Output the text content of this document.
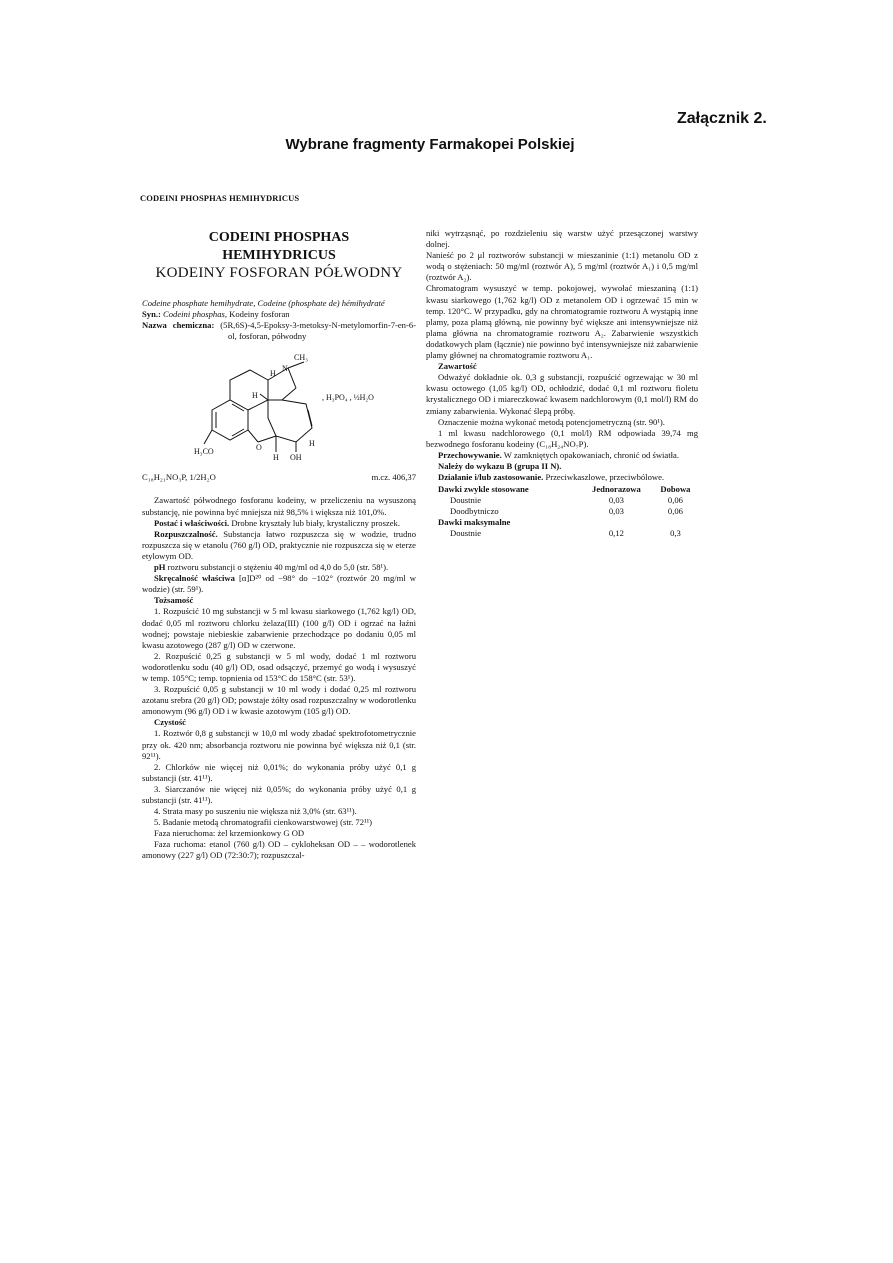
Załącznik 2.
Wybrane fragmenty Farmakopei Polskiej
CODEINI PHOSPHAS HEMIHYDRICUS
CODEINI PHOSPHAS
HEMIHYDRICUS
KODEINY FOSFORAN PÓŁWODNY

Codeine phosphate hemihydrate, Codeine (phosphate de) hémihydraté

Syn.: Codeini phosphas, Kodeiny fosforan

Nazwa chemiczna: (5R,6S)-4,5-Epoksy-3-metoksy-N-metylomorfin-7-en-6-ol, fosforan, półwodny

CH₃
N
H
H
H
O
H OH
H₃CO
, H₃PO₄ , ½H₂O
C₁₈H₂₁NO₃P, 1/2H₂O	m.cz. 406,37

Zawartość półwodnego fosforanu kodeiny, w przeliczeniu na wysuszoną substancję, nie powinna być mniejsza niż 98,5% i większa niż 101,0%.

Postać i właściwości. Drobne kryształy lub biały, krystaliczny proszek.

Rozpuszczalność. Substancja łatwo rozpuszcza się w wodzie, trudno rozpuszcza się w etanolu (760 g/l) OD, praktycznie nie rozpuszcza się w eterze etylowym OD.

pH roztworu substancji o stężeniu 40 mg/ml od 4,0 do 5,0 (str. 58¹).

Skręcalność właściwa [α]D²⁰ od −98° do −102° (roztwór 20 mg/ml w wodzie) (str. 59¹).

Tożsamość

1. Rozpuścić 10 mg substancji w 5 ml kwasu siarkowego (1,762 kg/l) OD, dodać 0,05 ml roztworu chlorku żelaza(III) (100 g/l) OD i ogrzać na łaźni wodnej; powstaje niebieskie zabarwienie przechodzące po dodaniu 0,05 ml kwasu azotowego (287 g/l) OD w czerwone.

2. Rozpuścić 0,25 g substancji w 5 ml wody, dodać 1 ml roztworu wodorotlenku sodu (40 g/l) OD, osad odsączyć, przemyć go wodą i wysuszyć w temp. 105°C; temp. topnienia od 153°C do 158°C (str. 53¹).

3. Rozpuścić 0,05 g substancji w 10 ml wody i dodać 0,25 ml roztworu azotanu srebra (20 g/l) OD; powstaje żółty osad rozpuszczalny w wodorotlenku amonowym (96 g/l) OD i w kwasie azotowym (105 g/l) OD.

Czystość

1. Roztwór 0,8 g substancji w 10,0 ml wody zbadać spektrofotometrycznie przy ok. 420 nm; absorbancja roztworu nie powinna być większa niż 0,1 (str. 92¹¹).

2. Chlorków nie więcej niż 0,01%; do wykonania próby użyć 0,1 g substancji (str. 41¹¹).

3. Siarczanów nie więcej niż 0,05%; do wykonania próby użyć 0,1 g substancji (str. 41¹¹).

4. Strata masy po suszeniu nie większa niż 3,0% (str. 63¹¹).

5. Badanie metodą chromatografii cienkowarstwowej (str. 72¹¹)

Faza nieruchoma: żel krzemionkowy G OD

Faza ruchoma: etanol (760 g/l) OD – cykloheksan OD – – wodorotlenek amonowy (227 g/l) OD (72:30:7); rozpuszczal-

niki wytrząsnąć, po rozdzieleniu się warstw użyć przesączonej warstwy dolnej.

Nanieść po 2 μl roztworów substancji w mieszaninie (1:1) metanolu OD z wodą o stężeniach: 50 mg/ml (roztwór A), 5 mg/ml (roztwór A₁) i 0,5 mg/ml (roztwór A₂).

Chromatogram wysuszyć w temp. pokojowej, wywołać mieszaniną (1:1) kwasu siarkowego (1,762 kg/l) OD z metanolem OD i ogrzewać 15 min w temp. 120°C. W przypadku, gdy na chromatogramie roztworu A wystąpią inne plamy, poza plamą główną, nie powinny być większe ani intensywniejsze niż plama główna na chromatogramie roztworu A₂. Zabarwienie wszystkich dodatkowych plam (łącznie) nie powinno być intensywniejsze niż zabarwienie plamy głównej na chromatogramie roztworu A₁.

Zawartość

Odważyć dokładnie ok. 0,3 g substancji, rozpuścić ogrzewając w 30 ml kwasu octowego (1,05 kg/l) OD, ochłodzić, dodać 0,1 ml roztworu fioletu krystalicznego OD i miareczkować kwasem nadchlorowym (0,1 mol/l) RM do zmiany zabarwienia. Wykonać ślepą próbę.

Oznaczenie można wykonać metodą potencjometryczną (str. 90¹).

1 ml kwasu nadchlorowego (0,1 mol/l) RM odpowiada 39,74 mg bezwodnego fosforanu kodeiny (C₁₈H₂₄NO₇P).

Przechowywanie. W zamkniętych opakowaniach, chronić od światła.

Należy do wykazu B (grupa II N).

Działanie i/lub zastosowanie. Przeciwkaszlowe, przeciwbólowe.

Dawki zwykle stosowane	Jednorazowa	Dobowa
Doustnie	0,03	0,06
Doodbytniczo	0,03	0,06
Dawki maksymalne		
Doustnie	0,12	0,3
